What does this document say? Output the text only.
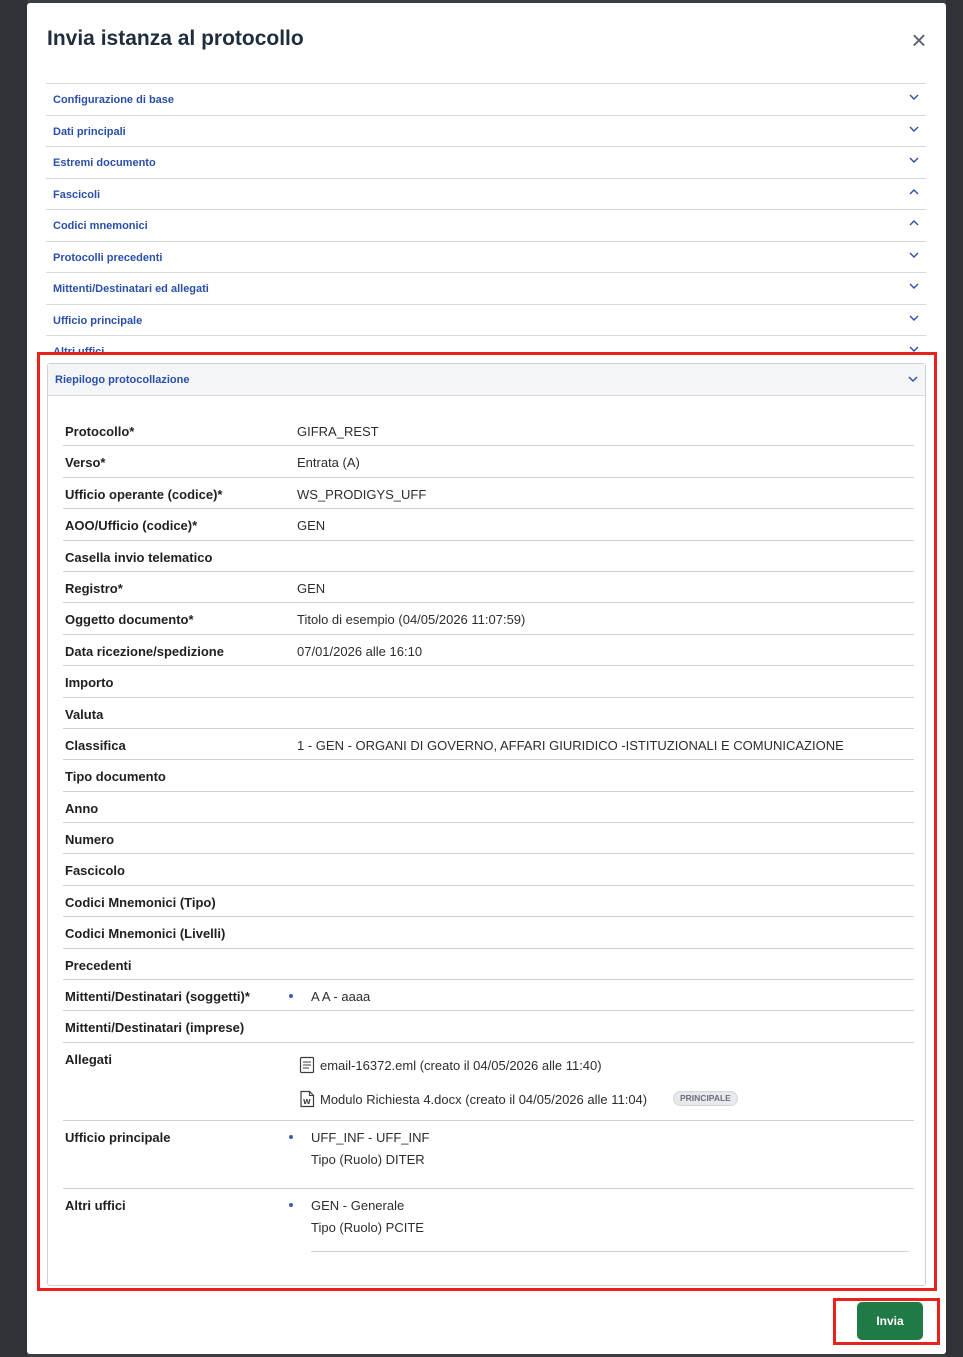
Invia istanza al protocollo	×
Configurazione di base
Dati principali
Estremi documento
Fascicoli
Codici mnemonici
Protocolli precedenti
Mittenti/Destinatari ed allegati
Ufficio principale
Altri uffici
Riepilogo protocollazione
Protocollo*	GIFRA_REST
Verso*	Entrata (A)
Ufficio operante (codice)*	WS_PRODIGYS_UFF
AOO/Ufficio (codice)*	GEN
Casella invio telematico
Registro*	GEN
Oggetto documento*	Titolo di esempio (04/05/2026 11:07:59)
Data ricezione/spedizione	07/01/2026 alle 16:10
Importo
Valuta
Classifica	1 - GEN - ORGANI DI GOVERNO, AFFARI GIURIDICO -ISTITUZIONALI E COMUNICAZIONE
Tipo documento
Anno
Numero
Fascicolo
Codici Mnemonici (Tipo)
Codici Mnemonici (Livelli)
Precedenti
Mittenti/Destinatari (soggetti)*	A A - aaaa
Mittenti/Destinatari (imprese)
Allegati	email-16372.eml (creato il 04/05/2026 alle 11:40)
W Modulo Richiesta 4.docx (creato il 04/05/2026 alle 11:04)	PRINCIPALE
Ufficio principale	UFF_INF - UFF_INF
Tipo (Ruolo) DITER
Altri uffici	GEN - Generale
Tipo (Ruolo) PCITE
Invia
